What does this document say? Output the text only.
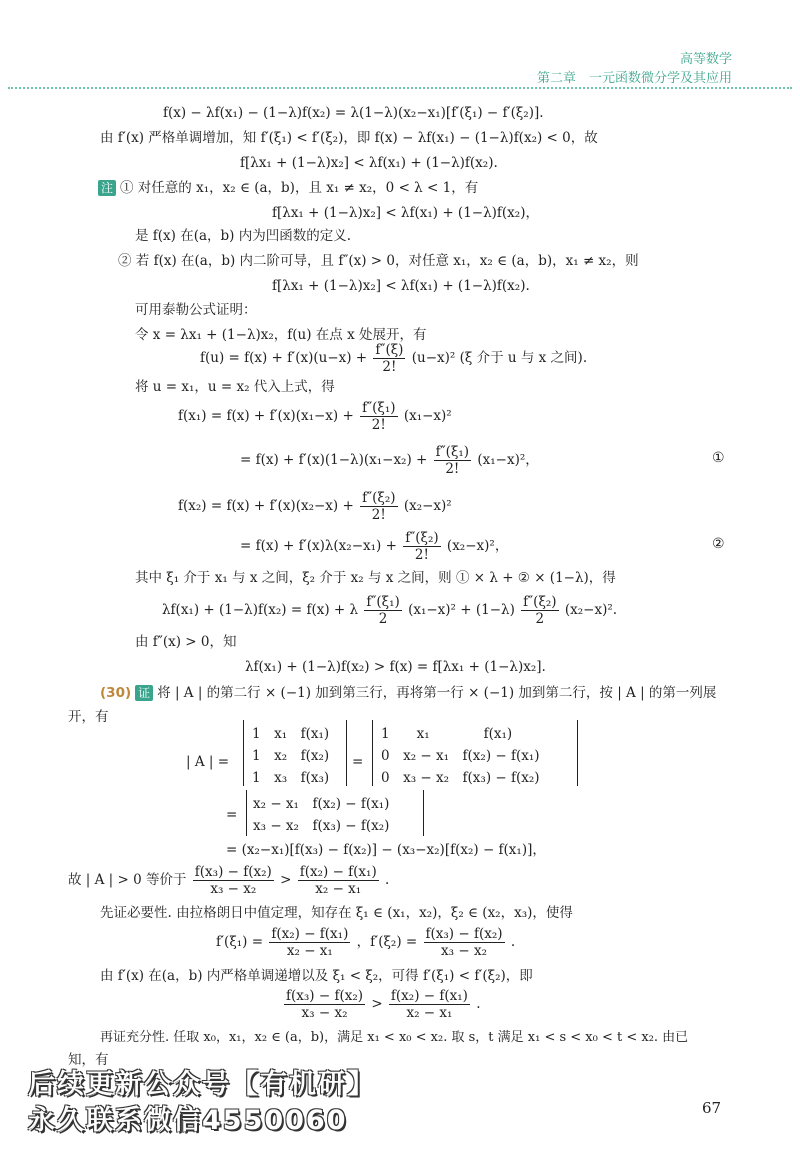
高等数学
第二章　一元函数微分学及其应用
f(x) − λf(x₁) − (1−λ)f(x₂) = λ(1−λ)(x₂−x₁)[f′(ξ₁) − f′(ξ₂)].
由 f′(x) 严格单调增加，知 f′(ξ₁) < f′(ξ₂)，即 f(x) − λf(x₁) − (1−λ)f(x₂) < 0，故
f[λx₁ + (1−λ)x₂] < λf(x₁) + (1−λ)f(x₂).
注 ① 对任意的 x₁，x₂ ∈ (a，b)，且 x₁ ≠ x₂，0 < λ < 1，有
f[λx₁ + (1−λ)x₂] < λf(x₁) + (1−λ)f(x₂)，
是 f(x) 在(a，b) 内为凹函数的定义.
② 若 f(x) 在(a，b) 内二阶可导，且 f″(x) > 0，对任意 x₁，x₂ ∈ (a，b)，x₁ ≠ x₂，则
f[λx₁ + (1−λ)x₂] < λf(x₁) + (1−λ)f(x₂).
可用泰勒公式证明：
令 x = λx₁ + (1−λ)x₂，f(u) 在点 x 处展开，有
$f(u) = f(x) + f'(x)(u-x) + \frac{f''(\xi)}{2!} (u-x)^2$ (ξ 介于 u 与 x 之间).
将 u = x₁，u = x₂ 代入上式，得
$f(x_1) = f(x) + f'(x)(x_1-x) + \frac{\text{f″(ξ₁)}}{2!} (x_1-x)^2$
= $f(x) + f'(x)(1-\lambda)(x_1-x_2) + \frac{\text{f″(ξ₁)}}{2!} (x_1-x)^2$，	①
$f(x_2) = f(x) + f'(x)(x_2-x) + \frac{\text{f″(ξ₂)}}{2!} (x_2-x)^2$
= $f(x) + f'(x)\lambda(x_2-x_1) + \frac{\text{f″(ξ₂)}}{2!} (x_2-x)^2$，	②
其中 ξ₁ 介于 x₁ 与 x 之间，ξ₂ 介于 x₂ 与 x 之间，则 ① × λ + ② × (1−λ)，得
λf(x₁) + (1−λ)f(x₂) = f(x) + λ $\frac{\text{f″(ξ₁)}}{2} (x_1-x)^2 + (1-\lambda) \frac{\text{f″(ξ₂)}}{2} (x_2-x)^2$.
由 f″(x) > 0，知
λf(x₁) + (1−λ)f(x₂) > f(x) = f[λx₁ + (1−λ)x₂].
(30) 证 将 | A | 的第二行 × (−1) 加到第三行，再将第一行 × (−1) 加到第二行，按 | A | 的第一列展
开，有
| A | =
1　x₁　f(x₁)
1　x₂　f(x₂)
1　x₃　f(x₃)
=
1　　x₁　　　　f(x₁)
0　x₂ − x₁　f(x₂) − f(x₁)
0　x₃ − x₂　f(x₃) − f(x₂)
=
x₂ − x₁　f(x₂) − f(x₁)
x₃ − x₂　f(x₃) − f(x₂)
= (x₂−x₁)[f(x₃) − f(x₂)] − (x₃−x₂)[f(x₂) − f(x₁)]，
故 | A | > 0 等价于 $\frac{\text{f(x₃) − f(x₂)}}{\text{x₃ − x₂}} > \frac{\text{f(x₂) − f(x₁)}}{\text{x₂ − x₁}}$ .
先证必要性. 由拉格朗日中值定理，知存在 ξ₁ ∈ (x₁，x₂)，ξ₂ ∈ (x₂，x₃)，使得
$f'(\xi_1) = \frac{\text{f(x₂) − f(x₁)}}{\text{x₂ − x₁}}$ ，$f'(\xi_2) = \frac{\text{f(x₃) − f(x₂)}}{\text{x₃ − x₂}}$ .
由 f′(x) 在(a，b) 内严格单调递增以及 ξ₁ < ξ₂，可得 f′(ξ₁) < f′(ξ₂)，即
$\frac{\text{f(x₃) − f(x₂)}}{\text{x₃ − x₂}} > \frac{\text{f(x₂) − f(x₁)}}{\text{x₂ − x₁}}$ .
再证充分性. 任取 x₀，x₁，x₂ ∈ (a，b)，满足 x₁ < x₀ < x₂. 取 s，t 满足 x₁ < s < x₀ < t < x₂. 由已
知，有
后续更新公众号【有机研】
永久联系微信4550060	67
